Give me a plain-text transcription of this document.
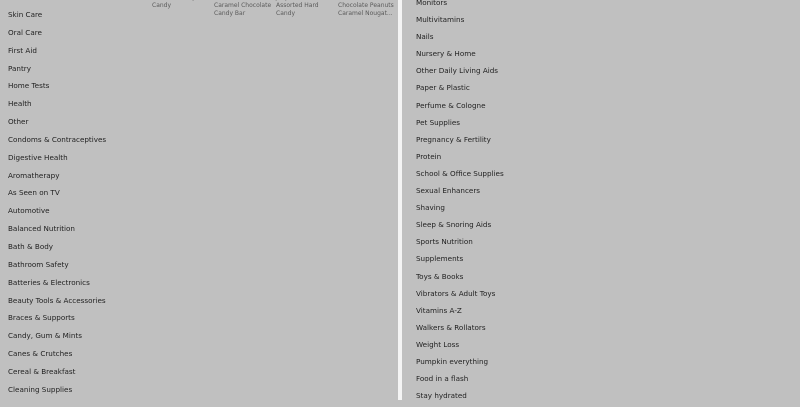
Candy	Caramel Chocolate
Candy Bar
Assorted Hard
Candy
Chocolate Peanuts
Caramel Nougat...
Skin Care
Oral Care
First Aid
Pantry
Home Tests
Health
Other
Condoms & Contraceptives
Digestive Health
Aromatherapy
As Seen on TV
Automotive
Balanced Nutrition
Bath & Body
Bathroom Safety
Batteries & Electronics
Beauty Tools & Accessories
Braces & Supports
Candy, Gum & Mints
Canes & Crutches
Cereal & Breakfast
Cleaning Supplies
Monitors
Multivitamins
Nails
Nursery & Home
Other Daily Living Aids
Paper & Plastic
Perfume & Cologne
Pet Supplies
Pregnancy & Fertility
Protein
School & Office Supplies
Sexual Enhancers
Shaving
Sleep & Snoring Aids
Sports Nutrition
Supplements
Toys & Books
Vibrators & Adult Toys
Vitamins A-Z
Walkers & Rollators
Weight Loss
Pumpkin everything
Food in a flash
Stay hydrated
